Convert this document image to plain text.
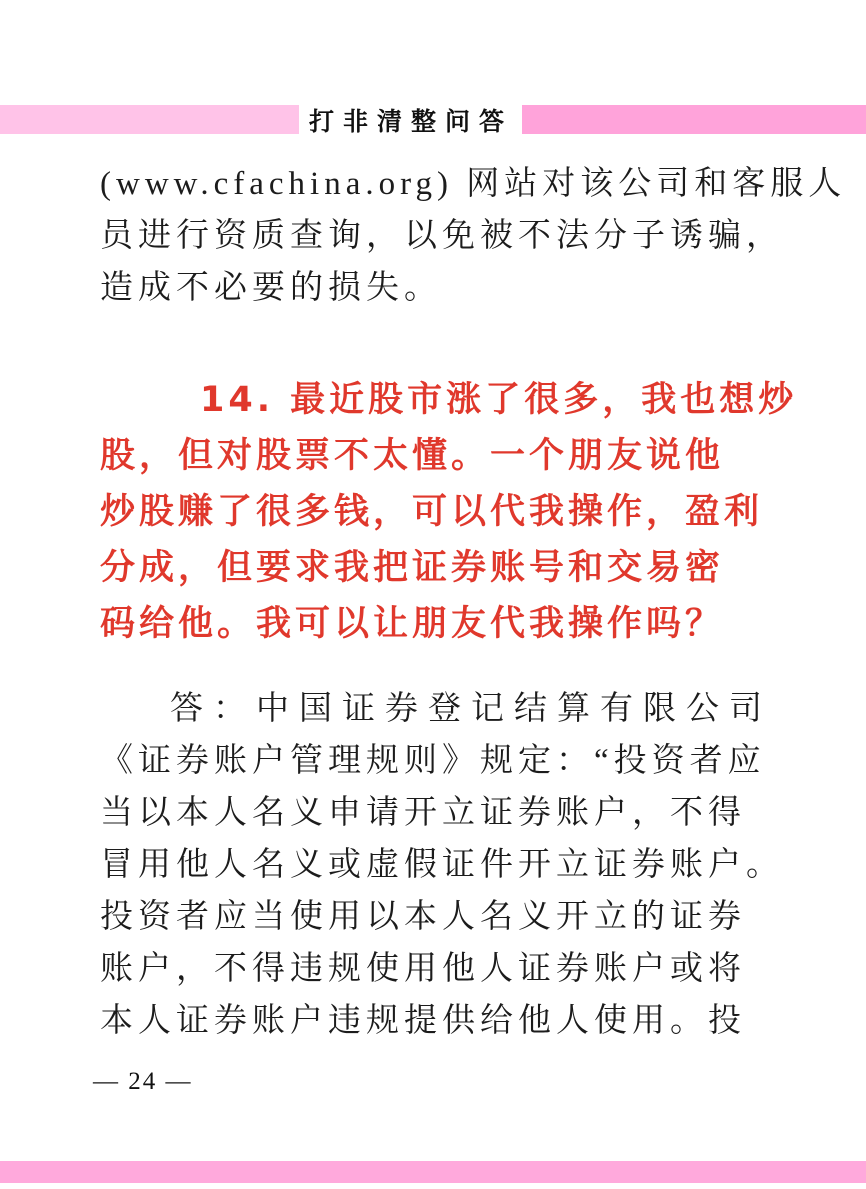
打非清整问答
(www.cfachina.org) 网站对该公司和客服人
员进行资质查询，以免被不法分子诱骗，
造成不必要的损失。
14. 最近股市涨了很多，我也想炒
股，但对股票不太懂。一个朋友说他
炒股赚了很多钱，可以代我操作，盈利
分成，但要求我把证券账号和交易密
码给他。我可以让朋友代我操作吗？
答：中国证券登记结算有限公司
《证券账户管理规则》规定：“投资者应
当以本人名义申请开立证券账户，不得
冒用他人名义或虚假证件开立证券账户。
投资者应当使用以本人名义开立的证券
账户，不得违规使用他人证券账户或将
本人证券账户违规提供给他人使用。投
— 24 —
